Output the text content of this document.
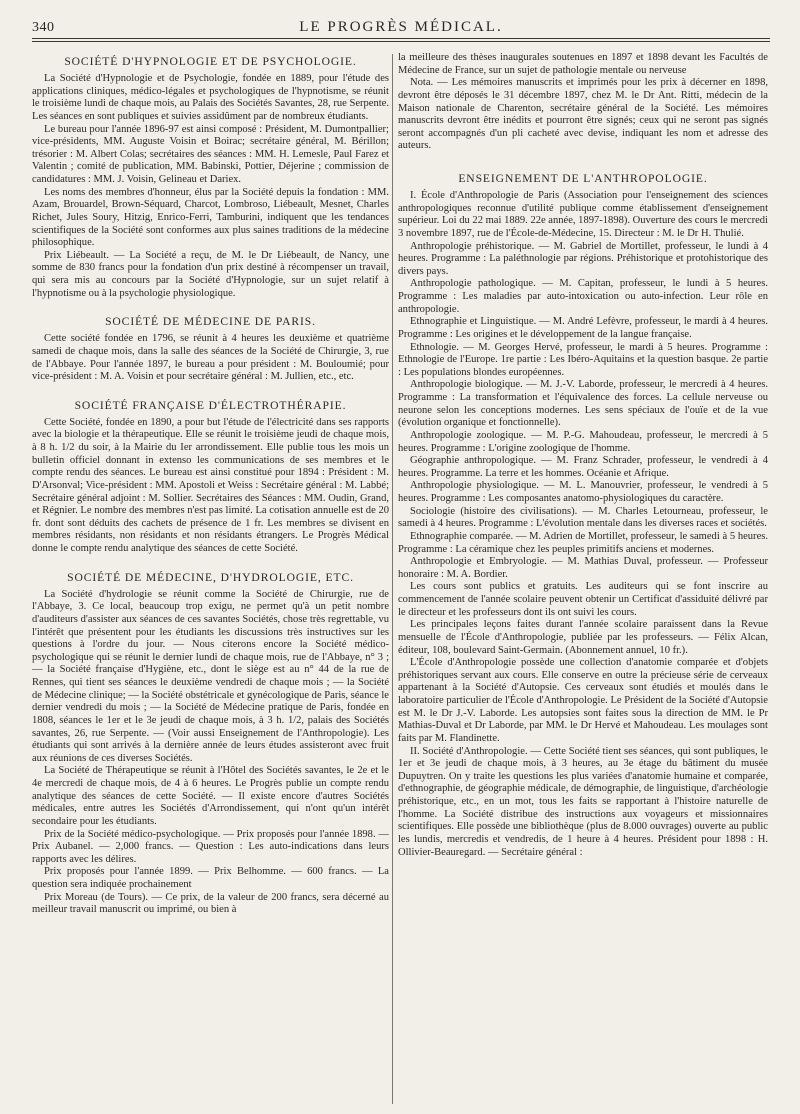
340	LE PROGRÈS MÉDICAL.
SOCIÉTÉ D'HYPNOLOGIE ET DE PSYCHOLOGIE.

La Société d'Hypnologie et de Psychologie, fondée en 1889, pour l'étude des applications cliniques, médico-légales et psychologiques de l'hypnotisme, se réunit le troisième lundi de chaque mois, au Palais des Sociétés Savantes, 28, rue Serpente. Les séances en sont publiques et suivies assidûment par de nombreux étudiants.

Le bureau pour l'année 1896-97 est ainsi composé : Président, M. Dumontpallier; vice-présidents, MM. Auguste Voisin et Boirac; secrétaire général, M. Bérillon; trésorier : M. Albert Colas; secrétaires des séances : MM. H. Lemesle, Paul Farez et Valentin ; comité de publication, MM. Babinski, Pottier, Déjerine ; commission de candidatures : MM. J. Voisin, Gelineau et Dariex.

Les noms des membres d'honneur, élus par la Société depuis la fondation : MM. Azam, Brouardel, Brown-Séquard, Charcot, Lombroso, Liébeault, Mesnet, Charles Richet, Jules Soury, Hitzig, Enrico-Ferri, Tamburini, indiquent que les tendances scientifiques de la Société sont conformes aux plus saines traditions de la médecine philosophique.

Prix Liébeault. — La Société a reçu, de M. le Dr Liébeault, de Nancy, une somme de 830 francs pour la fondation d'un prix destiné à récompenser un travail, qui sera mis au concours par la Société d'Hypnologie, sur un sujet relatif à l'hypnotisme ou à la psychologie physiologique.

SOCIÉTÉ DE MÉDECINE DE PARIS.

Cette société fondée en 1796, se réunit à 4 heures les deuxième et quatrième samedi de chaque mois, dans la salle des séances de la Société de Chirurgie, 3, rue de l'Abbaye. Pour l'année 1897, le bureau a pour président : M. Bouloumié; pour vice-président : M. A. Voisin et pour secrétaire général : M. Jullien, etc., etc.

SOCIÉTÉ FRANÇAISE D'ÉLECTROTHÉRAPIE.

Cette Société, fondée en 1890, a pour but l'étude de l'électricité dans ses rapports avec la biologie et la thérapeutique. Elle se réunit le troisième jeudi de chaque mois, à 8 h. 1/2 du soir, à la Mairie du Ier arrondissement. Elle publie tous les mois un bulletin officiel donnant in extenso les communications de ses membres et le compte rendu des séances. Le bureau est ainsi constitué pour 1894 : Président : M. D'Arsonval; Vice-président : MM. Apostoli et Weiss : Secrétaire général : M. Labbé; Secrétaire général adjoint : M. Sollier. Secrétaires des Séances : MM. Oudin, Grand, et Régnier. Le nombre des membres n'est pas limité. La cotisation annuelle est de 20 fr. dont sont déduits des cachets de présence de 1 fr. Les membres se divisent en membres résidants, non résidants et non résidants étrangers. Le Progrès Médical donne le compte rendu analytique des séances de cette Société.

SOCIÉTÉ DE MÉDECINE, D'HYDROLOGIE, ETC.

La Société d'hydrologie se réunit comme la Société de Chirurgie, rue de l'Abbaye, 3. Ce local, beaucoup trop exigu, ne permet qu'à un petit nombre d'auditeurs d'assister aux séances de ces savantes Sociétés, chose très regrettable, vu l'intérêt que présentent pour les étudiants les discussions très instructives sur les questions à l'ordre du jour. — Nous citerons encore la Société médico-psychologique qui se réunit le dernier lundi de chaque mois, rue de l'Abbaye, n° 3 ; — la Société française d'Hygiène, etc., dont le siège est au n° 44 de la rue de Rennes, qui tient ses séances le deuxième vendredi de chaque mois ; — la Société de Médecine clinique; — la Société obstétricale et gynécologique de Paris, séance le dernier vendredi du mois ; — la Société de Médecine pratique de Paris, fondée en 1808, séances le 1er et le 3e jeudi de chaque mois, à 3 h. 1/2, palais des Sociétés savantes, 26, rue Serpente. — (Voir aussi Enseignement de l'Anthropologie). Les étudiants qui sont arrivés à la dernière année de leurs études assisteront avec fruit aux réunions de ces diverses Sociétés.

La Société de Thérapeutique se réunit à l'Hôtel des Sociétés savantes, le 2e et le 4e mercredi de chaque mois, de 4 à 6 heures. Le Progrès publie un compte rendu analytique des séances de cette Société. — Il existe encore d'autres Sociétés médicales, entre autres les Sociétés d'Arrondissement, qui n'ont qu'un intérêt secondaire pour les étudiants.

Prix de la Société médico-psychologique. — Prix proposés pour l'année 1898. — Prix Aubanel. — 2,000 francs. — Question : Les auto-indications dans leurs rapports avec les délires.

Prix proposés pour l'année 1899. — Prix Belhomme. — 600 francs. — La question sera indiquée prochainement

Prix Moreau (de Tours). — Ce prix, de la valeur de 200 francs, sera décerné au meilleur travail manuscrit ou imprimé, ou bien à

la meilleure des thèses inaugurales soutenues en 1897 et 1898 devant les Facultés de Médecine de France, sur un sujet de pathologie mentale ou nerveuse

Nota. — Les mémoires manuscrits et imprimés pour les prix à décerner en 1898, devront être déposés le 31 décembre 1897, chez M. le Dr Ant. Ritti, médecin de la Maison nationale de Charenton, secrétaire général de la Société. Les mémoires manuscrits devront être inédits et pourront être signés; ceux qui ne seront pas signés seront accompagnés d'un pli cacheté avec devise, indiquant les nom et adresse des auteurs.

ENSEIGNEMENT DE L'ANTHROPOLOGIE.

I. École d'Anthropologie de Paris (Association pour l'enseignement des sciences anthropologiques reconnue d'utilité publique comme établissement d'enseignement supérieur. Loi du 22 mai 1889. 22e année, 1897-1898). Ouverture des cours le mercredi 3 novembre 1897, rue de l'École-de-Médecine, 15. Directeur : M. le Dr H. Thulié.

Anthropologie préhistorique. — M. Gabriel de Mortillet, professeur, le lundi à 4 heures. Programme : La paléthnologie par régions. Préhistorique et protohistorique des divers pays.

Anthropologie pathologique. — M. Capitan, professeur, le lundi à 5 heures. Programme : Les maladies par auto-intoxication ou auto-infection. Leur rôle en anthropologie.

Ethnographie et Linguistique. — M. André Lefèvre, professeur, le mardi à 4 heures. Programme : Les origines et le développement de la langue française.

Ethnologie. — M. Georges Hervé, professeur, le mardi à 5 heures. Programme : Ethnologie de l'Europe. 1re partie : Les Ibéro-Aquitains et la question basque. 2e partie : Les populations blondes européennes.

Anthropologie biologique. — M. J.-V. Laborde, professeur, le mercredi à 4 heures. Programme : La transformation et l'équivalence des forces. La cellule nerveuse ou neurone selon les conceptions modernes. Les sens spéciaux de l'ouïe et de la vue (évolution organique et fonctionnelle).

Anthropologie zoologique. — M. P.-G. Mahoudeau, professeur, le mercredi à 5 heures. Programme : L'origine zoologique de l'homme.

Géographie anthropologique. — M. Franz Schrader, professeur, le vendredi à 4 heures. Programme. La terre et les hommes. Océanie et Afrique.

Anthropologie physiologique. — M. L. Manouvrier, professeur, le vendredi à 5 heures. Programme : Les composantes anatomo-physiologiques du caractère.

Sociologie (histoire des civilisations). — M. Charles Letourneau, professeur, le samedi à 4 heures. Programme : L'évolution mentale dans les diverses races et sociétés.

Ethnographie comparée. — M. Adrien de Mortillet, professeur, le samedi à 5 heures. Programme : La céramique chez les peuples primitifs anciens et modernes.

Anthropologie et Embryologie. — M. Mathias Duval, professeur. — Professeur honoraire : M. A. Bordier.

Les cours sont publics et gratuits. Les auditeurs qui se font inscrire au commencement de l'année scolaire peuvent obtenir un Certificat d'assiduité délivré par le directeur et les professeurs dont ils ont suivi les cours.

Les principales leçons faites durant l'année scolaire paraissent dans la Revue mensuelle de l'École d'Anthropologie, publiée par les professeurs. — Félix Alcan, éditeur, 108, boulevard Saint-Germain. (Abonnement annuel, 10 fr.).

L'École d'Anthropologie possède une collection d'anatomie comparée et d'objets préhistoriques servant aux cours. Elle conserve en outre la précieuse série de cerveaux appartenant à la Société d'Autopsie. Ces cerveaux sont étudiés et moulés dans le laboratoire particulier de l'École d'Anthropologie. Le Président de la Société d'Autopsie est M. le Dr J.-V. Laborde. Les autopsies sont faites sous la direction de MM. le Pr Mathias-Duval et Dr Laborde, par MM. le Dr Hervé et Mahoudeau. Les moulages sont faits par M. Flandinette.

II. Société d'Anthropologie. — Cette Société tient ses séances, qui sont publiques, le 1er et 3e jeudi de chaque mois, à 3 heures, au 3e étage du bâtiment du musée Dupuytren. On y traite les questions les plus variées d'anatomie humaine et comparée, d'ethnographie, de géographie médicale, de démographie, de linguistique, d'archéologie préhistorique, etc., en un mot, tous les faits se rapportant à l'histoire naturelle de l'homme. La Société distribue des instructions aux voyageurs et missionnaires scientifiques. Elle possède une bibliothèque (plus de 8.000 ouvrages) ouverte au public les lundis, mercredis et vendredis, de 1 heure à 4 heures. Président pour 1898 : H. Ollivier-Beauregard. — Secrétaire général :
